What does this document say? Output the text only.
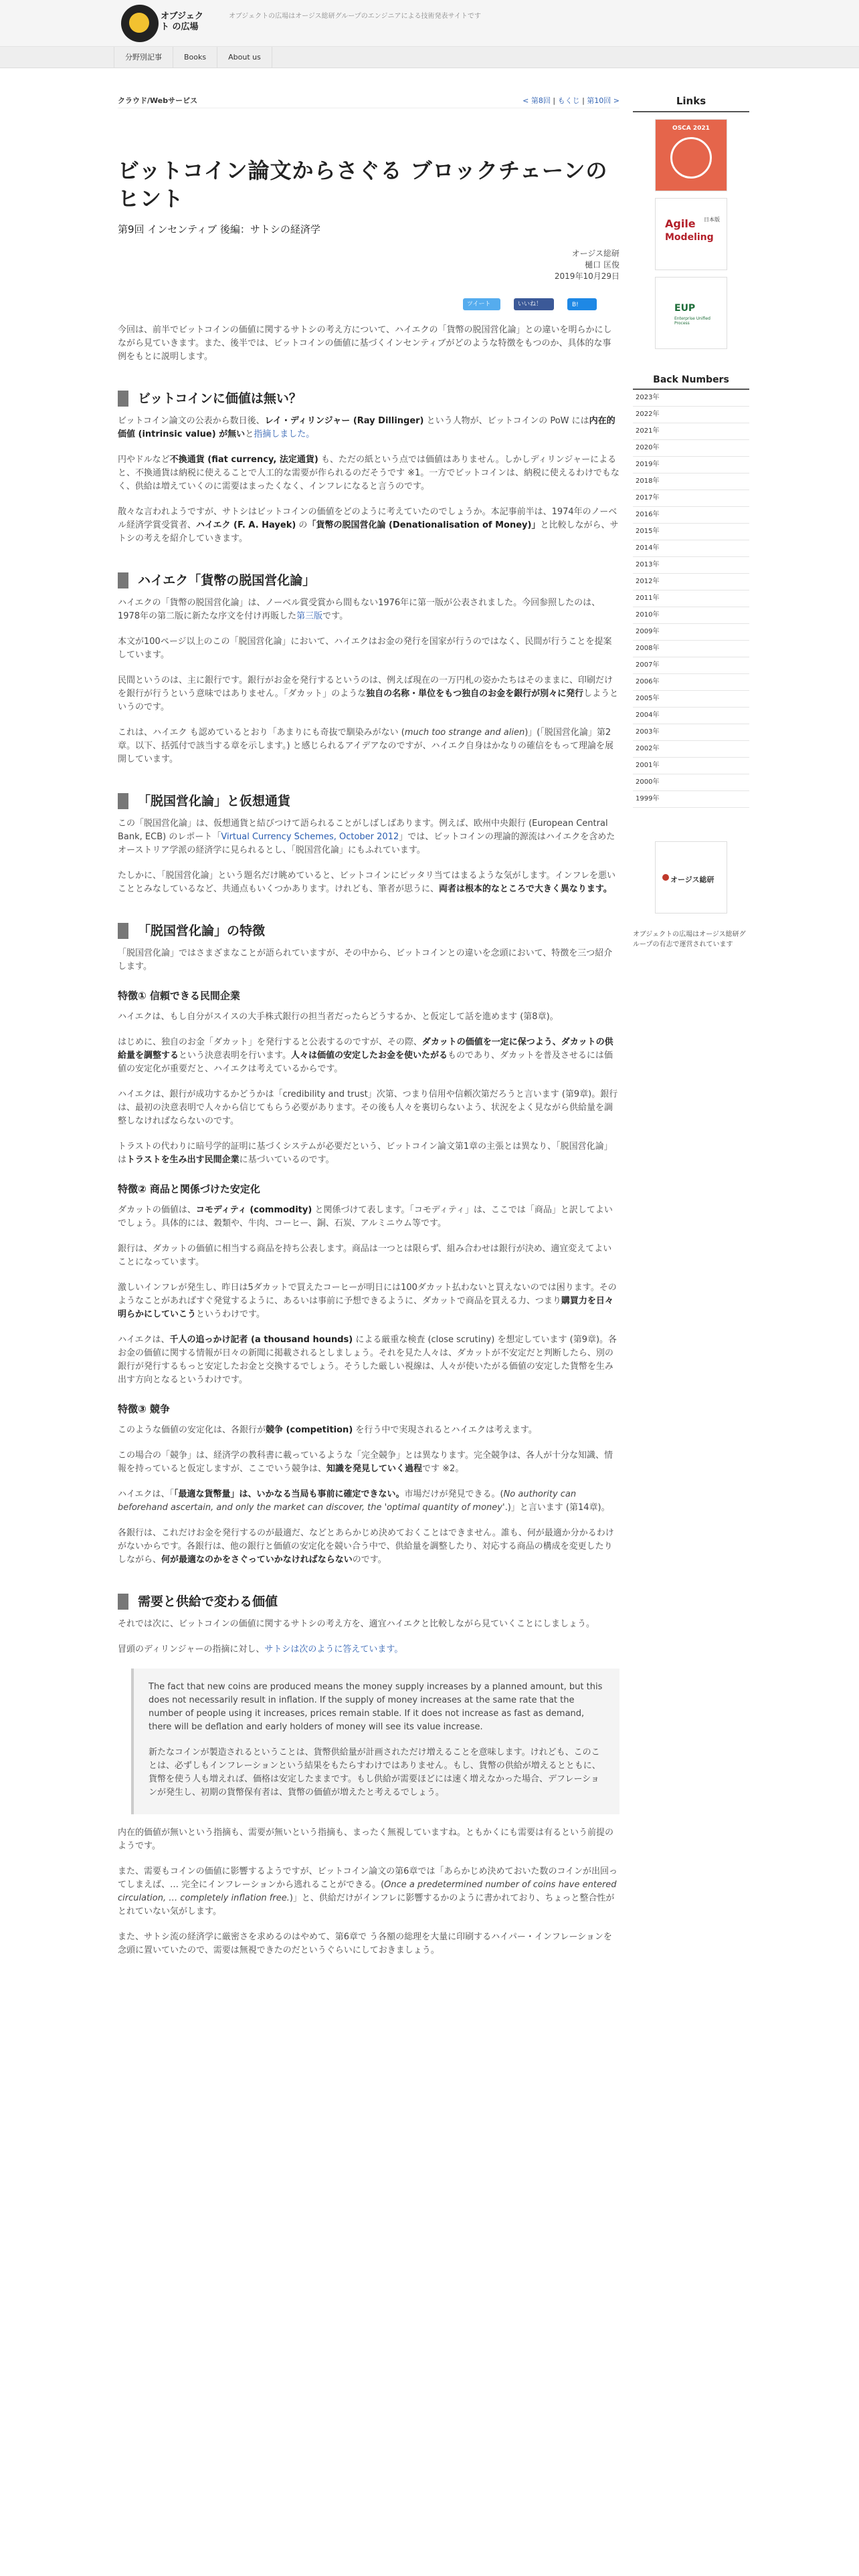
オブジェクト の広場
オブジェクトの広場はオージス総研グループのエンジニアによる技術発表サイトです
分野別記事	Books	About us
クラウド/Webサービス	< 第8回 | もくじ | 第10回 >
ビットコイン論文からさぐる ブロックチェーンのヒント
第9回 インセンティブ 後編：サトシの経済学
オージス総研
樋口 匡俊
2019年10月29日
ツイート	いいね！	B!

今回は、前半でビットコインの価値に関するサトシの考え方について、ハイエクの「貨幣の脱国営化論」との違いを明らかにしながら見ていきます。また、後半では、ビットコインの価値に基づくインセンティブがどのような特徴をもつのか、具体的な事例をもとに説明します。

ビットコインに価値は無い？

ビットコイン論文の公表から数日後、レイ・ディリンジャー (Ray Dillinger) という人物が、ビットコインの PoW には内在的価値 (intrinsic value) が無いと指摘しました。

円やドルなど不換通貨 (fiat currency, 法定通貨) も、ただの紙という点では価値はありません。しかしディリンジャーによると、不換通貨は納税に使えることで人工的な需要が作られるのだそうです ※1。一方でビットコインは、納税に使えるわけでもなく、供給は増えていくのに需要はまったくなく、インフレになると言うのです。

散々な言われようですが、サトシはビットコインの価値をどのように考えていたのでしょうか。本記事前半は、1974年のノーベル経済学賞受賞者、ハイエク (F. A. Hayek) の「貨幣の脱国営化論 (Denationalisation of Money)」と比較しながら、サトシの考えを紹介していきます。

ハイエク「貨幣の脱国営化論」

ハイエクの「貨幣の脱国営化論」は、ノーベル賞受賞から間もない1976年に第一版が公表されました。今回参照したのは、1978年の第二版に新たな序文を付け再販した第三版です。

本文が100ページ以上のこの「脱国営化論」において、ハイエクはお金の発行を国家が行うのではなく、民間が行うことを提案しています。

民間というのは、主に銀行です。銀行がお金を発行するというのは、例えば現在の一万円札の姿かたちはそのままに、印刷だけを銀行が行うという意味ではありません。「ダカット」のような独自の名称・単位をもつ独自のお金を銀行が別々に発行しようというのです。

これは、ハイエク も認めているとおり「あまりにも奇抜で馴染みがない (much too strange and alien)」(「脱国営化論」第2章。以下、括弧付で該当する章を示します。) と感じられるアイデアなのですが、ハイエク自身はかなりの確信をもって理論を展開しています。

「脱国営化論」と仮想通貨

この「脱国営化論」は、仮想通貨と結びつけて語られることがしばしばあります。例えば、欧州中央銀行 (European Central Bank, ECB) のレポート「Virtual Currency Schemes, October 2012」では、ビットコインの理論的源流はハイエクを含めたオーストリア学派の経済学に見られるとし、「脱国営化論」にもふれています。

たしかに、「脱国営化論」という題名だけ眺めていると、ビットコインにピッタリ当てはまるような気がします。インフレを悪いこととみなしているなど、共通点もいくつかあります。けれども、筆者が思うに、両者は根本的なところで大きく異なります。

「脱国営化論」の特徴

「脱国営化論」ではさまざまなことが語られていますが、その中から、ビットコインとの違いを念頭において、特徴を三つ紹介します。

特徴① 信頼できる民間企業

ハイエクは、もし自分がスイスの大手株式銀行の担当者だったらどうするか、と仮定して話を進めます (第8章)。

はじめに、独自のお金「ダカット」を発行すると公表するのですが、その際、ダカットの価値を一定に保つよう、ダカットの供給量を調整するという決意表明を行います。人々は価値の安定したお金を使いたがるものであり、ダカットを普及させるには価値の安定化が重要だと、ハイエクは考えているからです。

ハイエクは、銀行が成功するかどうかは「credibility and trust」次第、つまり信用や信頼次第だろうと言います (第9章)。銀行は、最初の決意表明で人々から信じてもらう必要があります。その後も人々を裏切らないよう、状況をよく見ながら供給量を調整しなければならないのです。

トラストの代わりに暗号学的証明に基づくシステムが必要だという、ビットコイン論文第1章の主張とは異なり、「脱国営化論」はトラストを生み出す民間企業に基づいているのです。

特徴② 商品と関係づけた安定化

ダカットの価値は、コモディティ (commodity) と関係づけて表します。「コモディティ」は、ここでは「商品」と訳してよいでしょう。具体的には、穀類や、牛肉、コーヒー、銅、石炭、アルミニウム等です。

銀行は、ダカットの価値に相当する商品を持ち公表します。商品は一つとは限らず、組み合わせは銀行が決め、適宜変えてよいことになっています。

激しいインフレが発生し、昨日は5ダカットで買えたコーヒーが明日には100ダカット払わないと買えないのでは困ります。そのようなことがあればすぐ発覚するように、あるいは事前に予想できるように、ダカットで商品を買える力、つまり購買力を日々明らかにしていこうというわけです。

ハイエクは、千人の追っかけ記者 (a thousand hounds) による厳重な検査 (close scrutiny) を想定しています (第9章)。各お金の価値に関する情報が日々の新聞に掲載されるとしましょう。それを見た人々は、ダカットが不安定だと判断したら、別の銀行が発行するもっと安定したお金と交換するでしょう。そうした厳しい視線は、人々が使いたがる価値の安定した貨幣を生み出す方向となるというわけです。

特徴③ 競争

このような価値の安定化は、各銀行が競争 (competition) を行う中で実現されるとハイエクは考えます。

この場合の「競争」は、経済学の教科書に載っているような「完全競争」とは異なります。完全競争は、各人が十分な知識、情報を持っていると仮定しますが、ここでいう競争は、知識を発見していく過程です ※2。

ハイエクは、「「最適な貨幣量」は、いかなる当局も事前に確定できない。市場だけが発見できる。(No authority can beforehand ascertain, and only the market can discover, the 'optimal quantity of money'.)」と言います (第14章)。

各銀行は、これだけお金を発行するのが最適だ、などとあらかじめ決めておくことはできません。誰も、何が最適か分かるわけがないからです。各銀行は、他の銀行と価値の安定化を競い合う中で、供給量を調整したり、対応する商品の構成を変更したりしながら、何が最適なのかをさぐっていかなければならないのです。

需要と供給で変わる価値

それでは次に、ビットコインの価値に関するサトシの考え方を、適宜ハイエクと比較しながら見ていくことにしましょう。

冒頭のディリンジャーの指摘に対し、サトシは次のように答えています。

The fact that new coins are produced means the money supply increases by a planned amount, but this does not necessarily result in inflation. If the supply of money increases at the same rate that the number of people using it increases, prices remain stable. If it does not increase as fast as demand, there will be deflation and early holders of money will see its value increase.

新たなコインが製造されるということは、貨幣供給量が計画されただけ増えることを意味します。けれども、このことは、必ずしもインフレーションという結果をもたらすわけではありません。もし、貨幣の供給が増えるとともに、貨幣を使う人も増えれば、価格は安定したままです。もし供給が需要ほどには速く増えなかった場合、デフレーションが発生し、初期の貨幣保有者は、貨幣の価値が増えたと考えるでしょう。

内在的価値が無いという指摘も、需要が無いという指摘も、まったく無視していますね。ともかくにも需要は有るという前提のようです。

また、需要もコインの価値に影響するようですが、ビットコイン論文の第6章では「あらかじめ決めておいた数のコインが出回ってしまえば、… 完全にインフレーションから逃れることができる。(Once a predetermined number of coins have entered circulation, … completely inflation free.)」と、供給だけがインフレに影響するかのように書かれており、ちょっと整合性がとれていない気がします。

また、サトシ流の経済学に厳密さを求めるのはやめて、第6章で う各額の総理を大量に印刷するハイパー・インフレーションを念頭に置いていたので、需要は無視できたのだというぐらいにしておきましょう。

Links
OSCA 2021
Agile
Modeling
日本版
EUP
Enterprise Unified Process
Back Numbers
2023年
2022年
2021年
2020年
2019年
2018年
2017年
2016年
2015年
2014年
2013年
2012年
2011年
2010年
2009年
2008年
2007年
2006年
2005年
2004年
2003年
2002年
2001年
2000年
1999年
オージス総研
オブジェクトの広場はオージス総研グループの有志で運営されています
